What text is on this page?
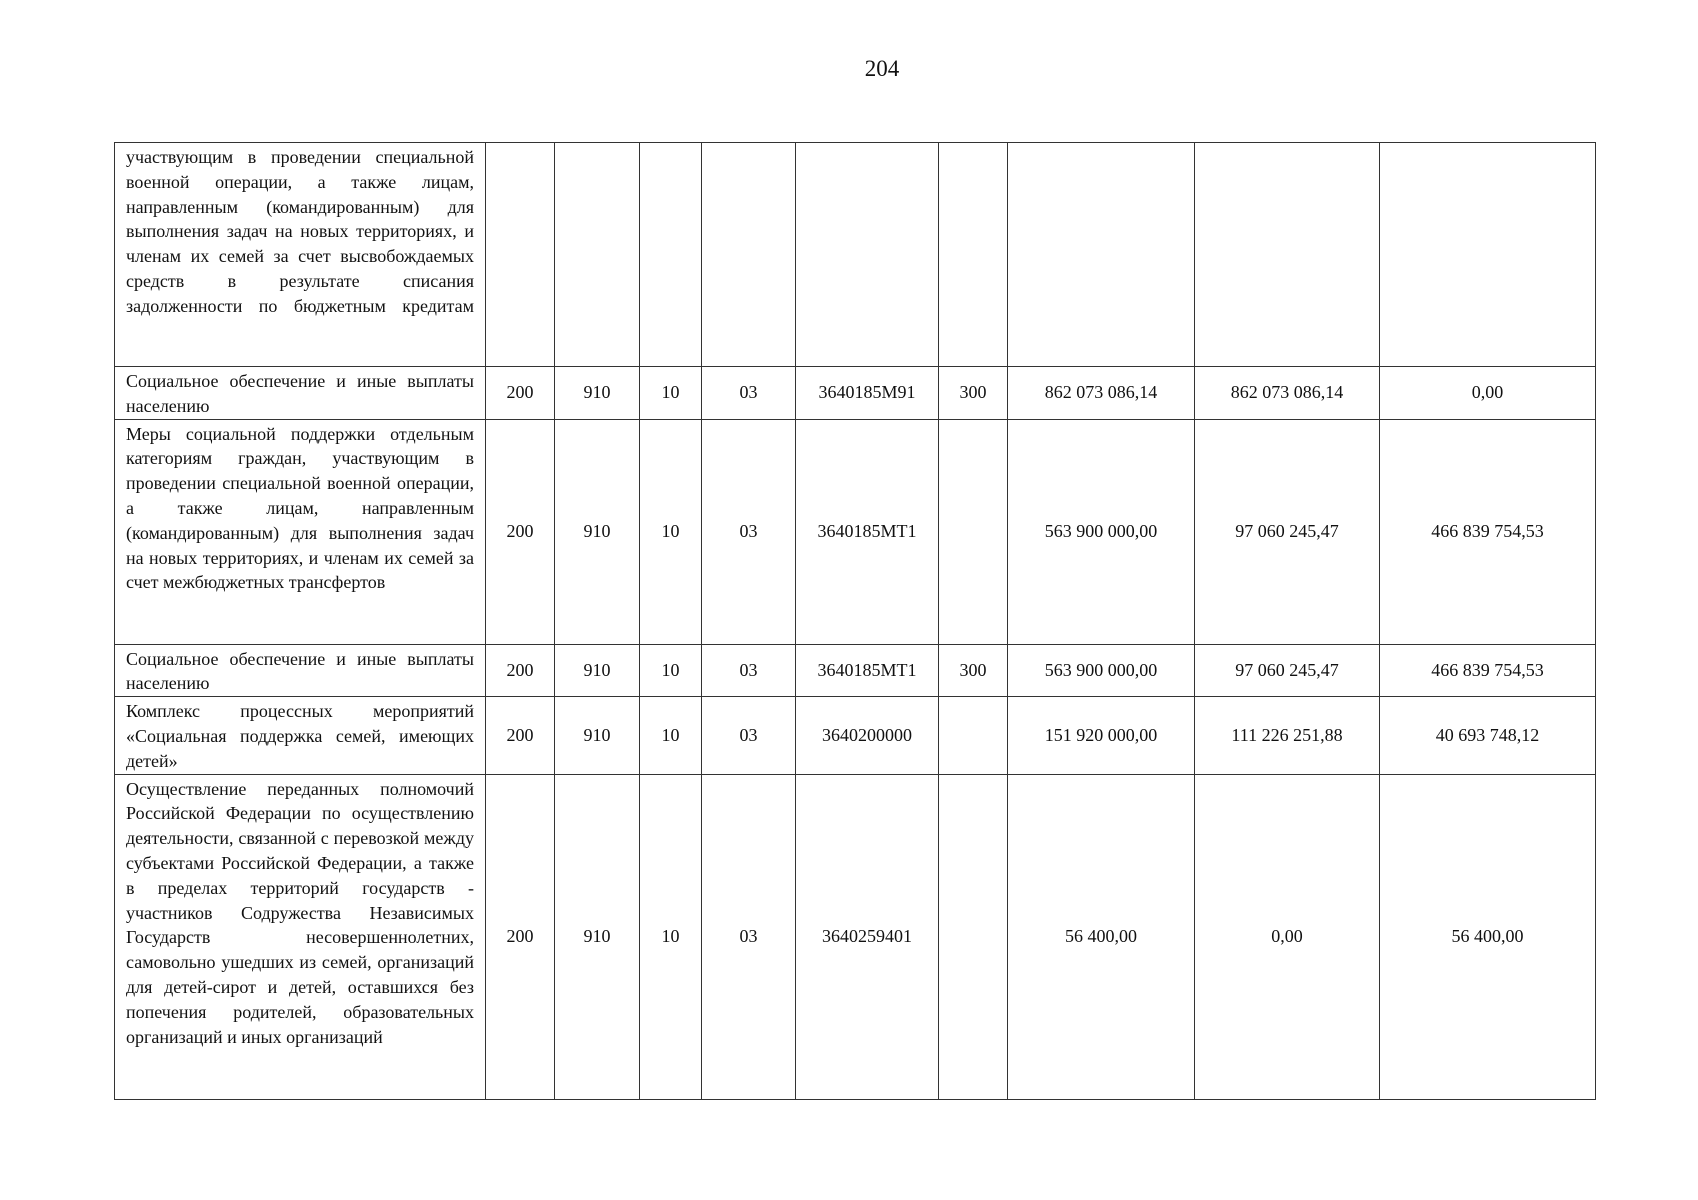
204
участвующим в проведении специальной военной операции, а также лицам, направленным (командированным) для выполнения задач на новых территориях, и членам их семей за счет высвобождаемых средств в результате списания задолженности по бюджетным кредитам									
Социальное обеспечение и иные выплаты населению	200	910	10	03	3640185М91	300	862 073 086,14	862 073 086,14	0,00
Меры социальной поддержки отдельным категориям граждан, участвующим в проведении специальной военной операции, а также лицам, направленным (командированным) для выполнения задач на новых территориях, и членам их семей за счет межбюджетных трансфертов	200	910	10	03	3640185МТ1		563 900 000,00	97 060 245,47	466 839 754,53
Социальное обеспечение и иные выплаты населению	200	910	10	03	3640185МТ1	300	563 900 000,00	97 060 245,47	466 839 754,53
Комплекс процессных мероприятий «Социальная поддержка семей, имеющих детей»	200	910	10	03	3640200000		151 920 000,00	111 226 251,88	40 693 748,12
Осуществление переданных полномочий Российской Федерации по осуществлению деятельности, связанной с перевозкой между субъектами Российской Федерации, а также в пределах территорий государств - участников Содружества Независимых Государств несовершеннолетних, самовольно ушедших из семей, организаций для детей-сирот и детей, оставшихся без попечения родителей, образовательных организаций и иных организаций	200	910	10	03	3640259401		56 400,00	0,00	56 400,00
